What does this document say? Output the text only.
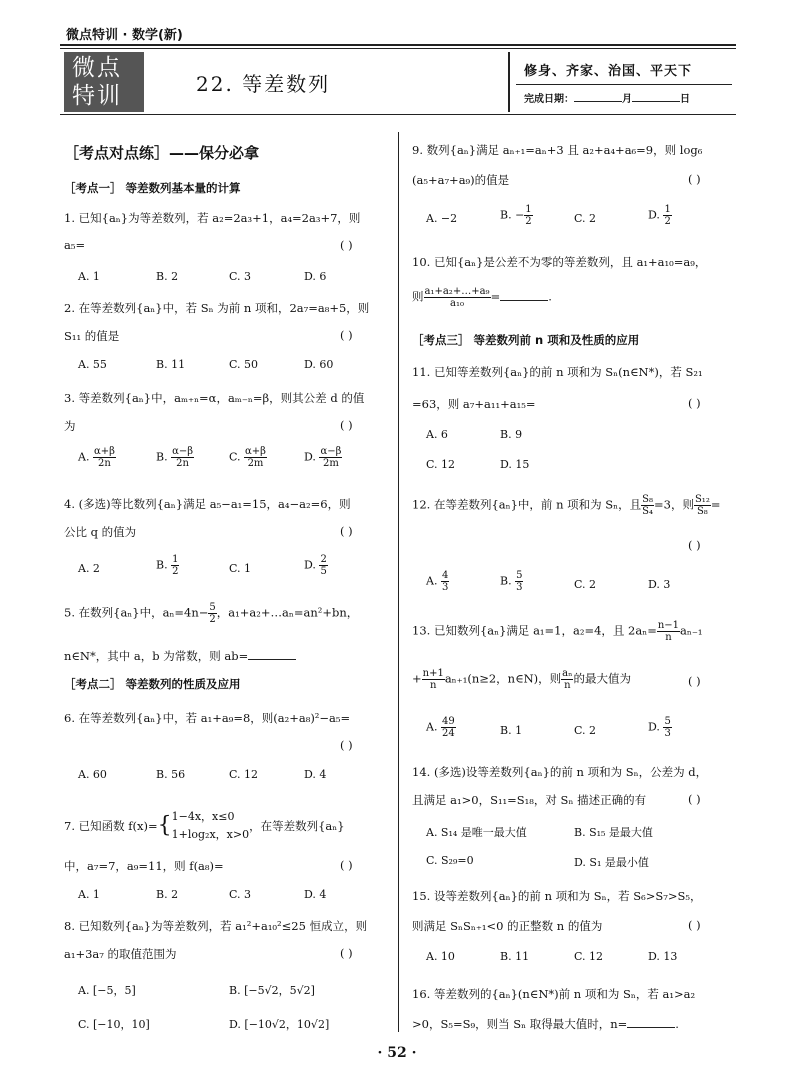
微点特训 · 数学(新)
微点
特训	22. 等差数列
修身、齐家、治国、平天下
完成日期：	月	日
［考点对点练］——保分必拿
［考点一］ 等差数列基本量的计算
1. 已知{aₙ}为等差数列，若 a₂=2a₃+1，a₄=2a₃+7，则
a₅=	( )
A. 1	B. 2	C. 3	D. 6
2. 在等差数列{aₙ}中，若 Sₙ 为前 n 项和，2a₇=a₈+5，则
S₁₁ 的值是	( )
A. 55	B. 11	C. 50	D. 60
3. 等差数列{aₙ}中，aₘ₊ₙ=α，aₘ₋ₙ=β，则其公差 d 的值
为	( )
A. $\frac{\alpha+\beta}{2n}$	B. $\frac{\alpha-\beta}{2n}$	C. $\frac{\alpha+\beta}{2m}$	D. $\frac{\alpha-\beta}{2m}$
4. (多选)等比数列{aₙ}满足 a₅−a₁=15，a₄−a₂=6，则
公比 q 的值为	( )
A. 2	B. $\frac{1}{2}$	C. 1	D. $\frac{2}{5}$
5. 在数列{aₙ}中，$a_n=4n- \frac{5}{2}$ ，a₁+a₂+…aₙ=an²+bn，
n∈N*，其中 a，b 为常数，则 ab=
［考点二］ 等差数列的性质及应用
6. 在等差数列{aₙ}中，若 a₁+a₉=8，则(a₂+a₈)²−a₅=
( )
A. 60	B. 56	C. 12	D. 4
7. 已知函数 f(x)={ 1−4x，x≤0
1+log₂x，x>0
，在等差数列{aₙ}
中，a₇=7，a₉=11，则 f(a₈)=	( )
A. 1	B. 2	C. 3	D. 4
8. 已知数列{aₙ}为等差数列，若 a₁²+a₁₀²≤25 恒成立，则
a₁+3a₇ 的取值范围为	( )
A. [−5，5]	B. [−5√2，5√2]
C. [−10，10]	D. [−10√2，10√2]
9. 数列{aₙ}满足 aₙ₊₁=aₙ+3 且 a₂+a₄+a₆=9，则 log₆
(a₅+a₇+a₉)的值是	( )
A. −2	B. − $\frac{1}{2}$	C. 2	D. $\frac{1}{2}$
10. 已知{aₙ}是公差不为零的等差数列，且 a₁+a₁₀=a₉，
则 $\frac{\text{a₁+a₂+…+a₉}}{\text{a₁₀}}$ =	.
［考点三］ 等差数列前 n 项和及性质的应用
11. 已知等差数列{aₙ}的前 n 项和为 Sₙ(n∈N*)，若 S₂₁
=63，则 a₇+a₁₁+a₁₅=	( )
A. 6	B. 9
C. 12	D. 15
12. 在等差数列{aₙ}中，前 n 项和为 Sₙ，且 $\frac{\text{S₈}}{\text{S₄}} =3$，则 $\frac{\text{S₁₂}}{\text{S₈}}$ =
( )
A. $\frac{4}{3}$	B. $\frac{5}{3}$	C. 2	D. 3
13. 已知数列{aₙ}满足 a₁=1，a₂=4，且 $2a_n= \frac{n-1}{n} a_{n-1}$
+ $\frac{n+1}{n} a_{n+1}(n\ge 2$，n∈N)，则 $\frac{\text{aₙ}}{n}$ 的最大值为	( )
A. $\frac{49}{24}$	B. 1	C. 2	D. $\frac{5}{3}$
14. (多选)设等差数列{aₙ}的前 n 项和为 Sₙ，公差为 d，
且满足 a₁>0，S₁₁=S₁₈，对 Sₙ 描述正确的有	( )
A. S₁₄ 是唯一最大值	B. S₁₅ 是最大值
C. S₂₉=0	D. S₁ 是最小值
15. 设等差数列{aₙ}的前 n 项和为 Sₙ，若 S₆>S₇>S₅，
则满足 SₙSₙ₊₁<0 的正整数 n 的值为	( )
A. 10	B. 11	C. 12	D. 13
16. 等差数列的{aₙ}(n∈N*)前 n 项和为 Sₙ，若 a₁>a₂
>0，S₅=S₉，则当 Sₙ 取得最大值时，n=	.
· 52 ·
